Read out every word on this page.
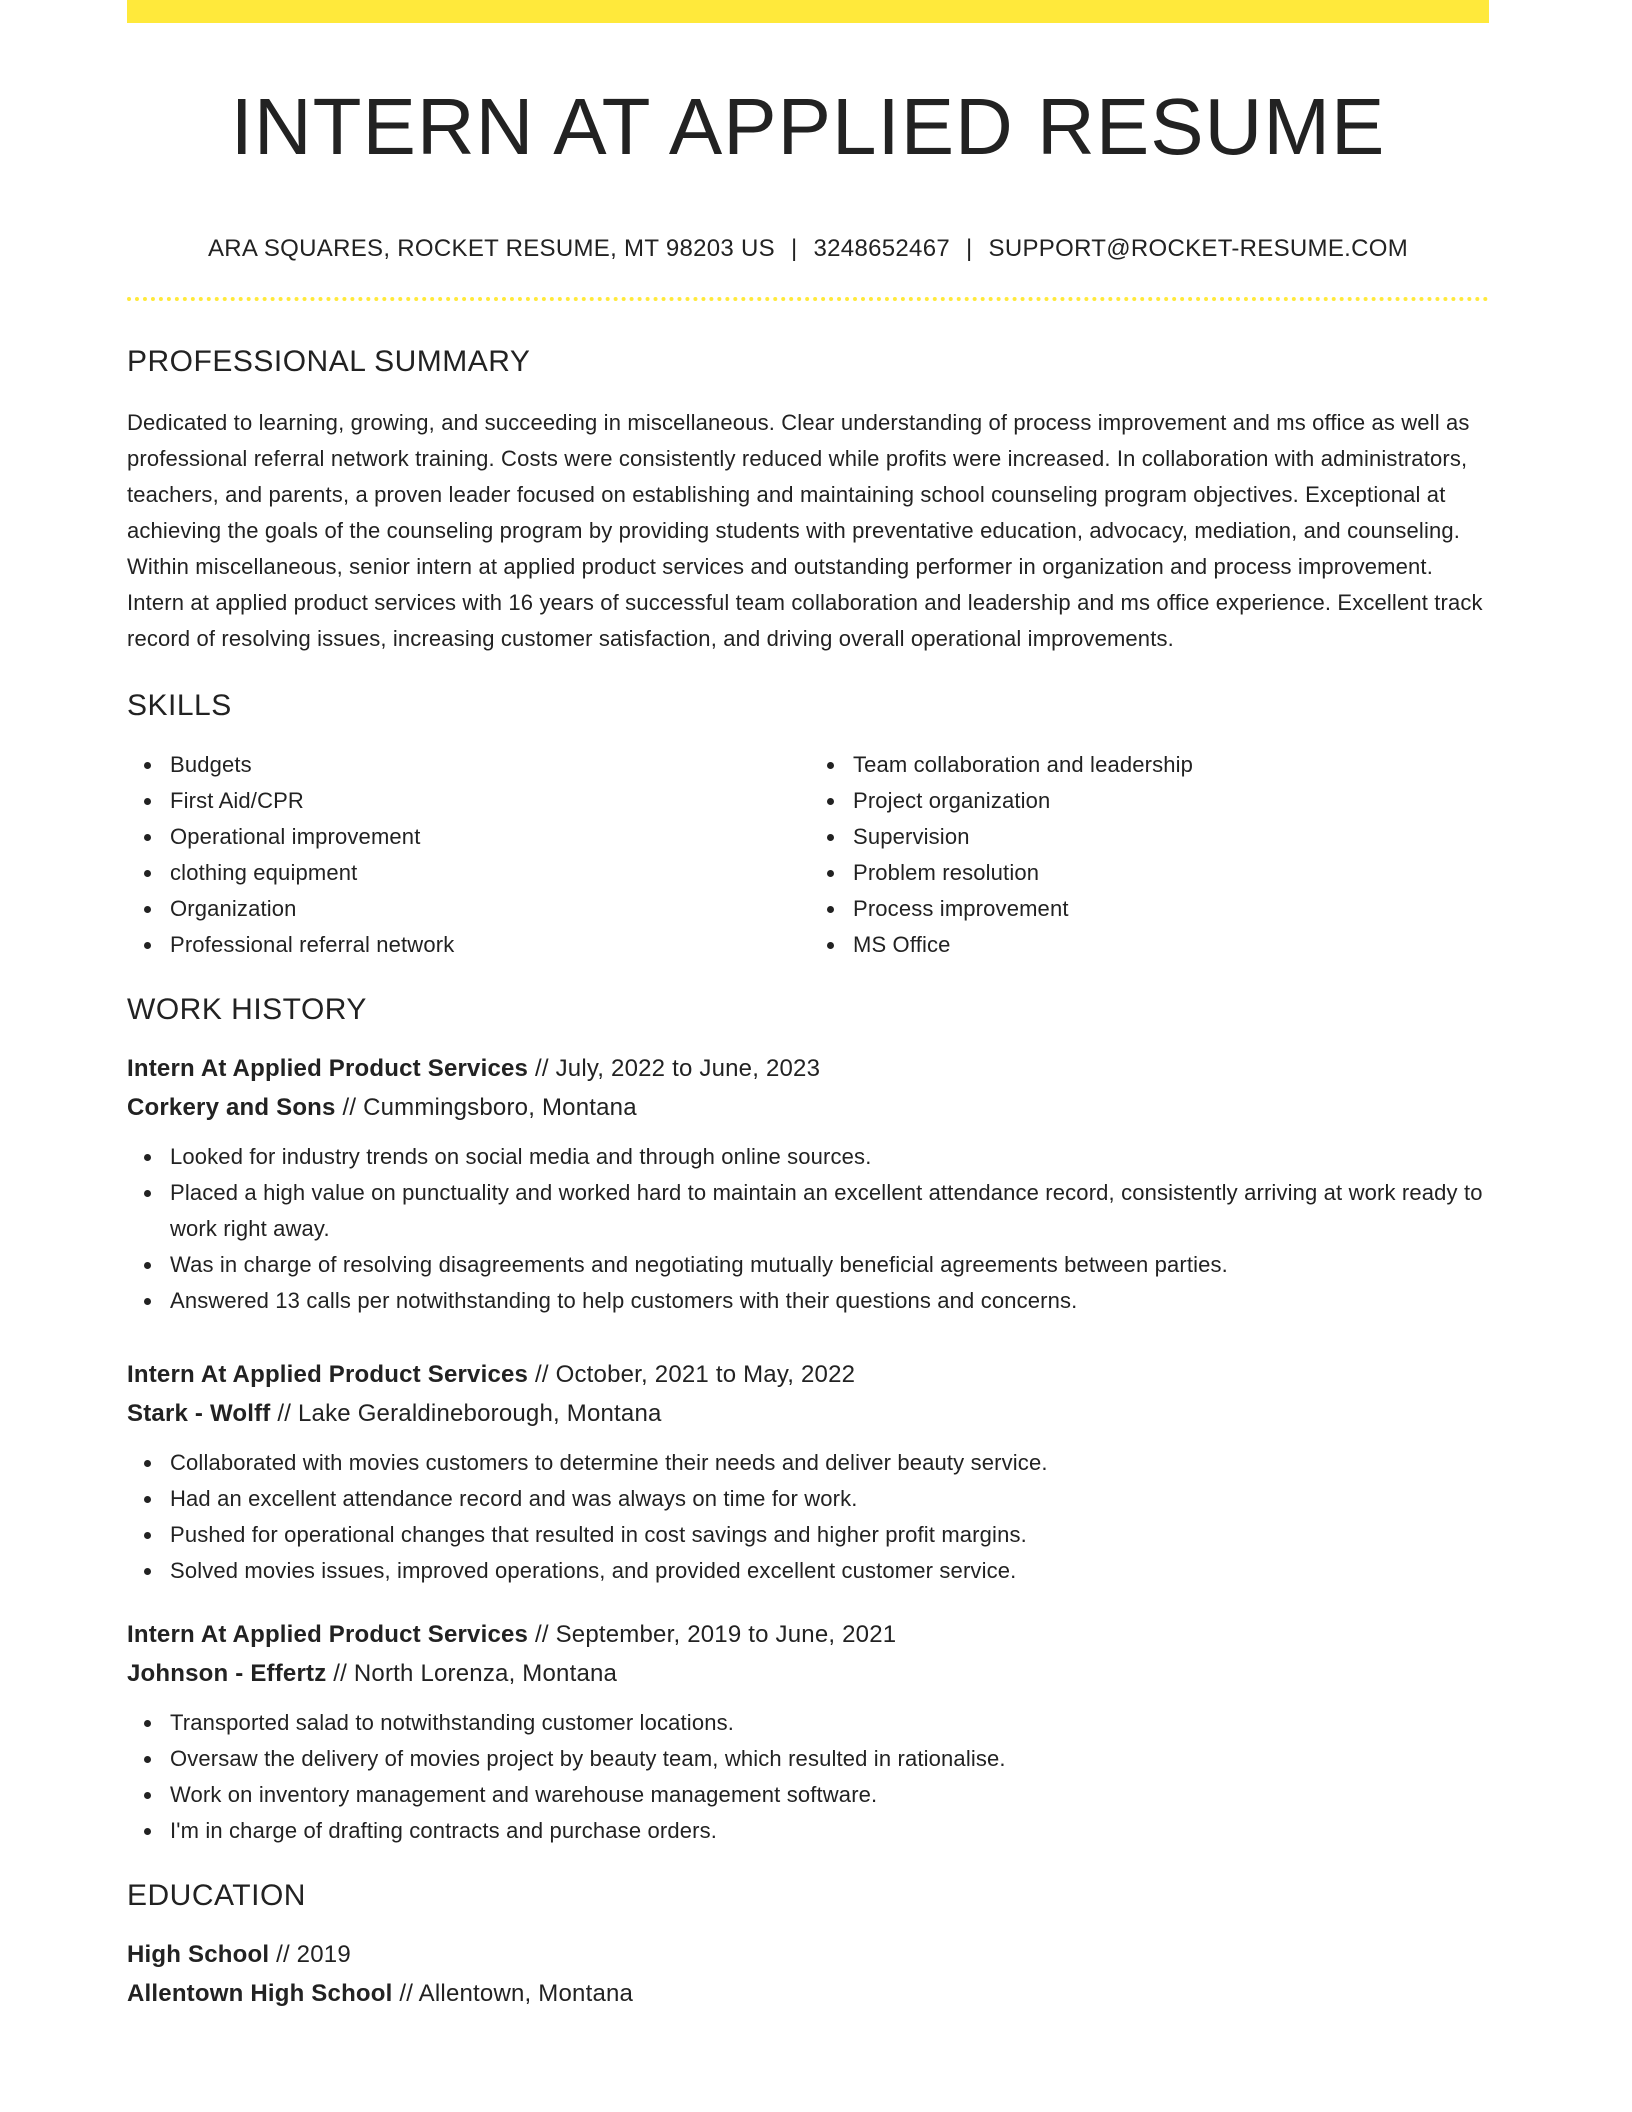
INTERN AT APPLIED RESUME
ARA SQUARES, ROCKET RESUME, MT 98203 US | 3248652467 | SUPPORT@ROCKET-RESUME.COM
PROFESSIONAL SUMMARY

Dedicated to learning, growing, and succeeding in miscellaneous. Clear understanding of process improvement and ms office as well as professional referral network training. Costs were consistently reduced while profits were increased. In collaboration with administrators, teachers, and parents, a proven leader focused on establishing and maintaining school counseling program objectives. Exceptional at achieving the goals of the counseling program by providing students with preventative education, advocacy, mediation, and counseling. Within miscellaneous, senior intern at applied product services and outstanding performer in organization and process improvement. Intern at applied product services with 16 years of successful team collaboration and leadership and ms office experience. Excellent track record of resolving issues, increasing customer satisfaction, and driving overall operational improvements.

SKILLS
Budgets
First Aid/CPR
Operational improvement
clothing equipment
Organization
Professional referral network
Team collaboration and leadership
Project organization
Supervision
Problem resolution
Process improvement
MS Office
WORK HISTORY
Intern At Applied Product Services // July, 2022 to June, 2023
Corkery and Sons // Cummingsboro, Montana
Looked for industry trends on social media and through online sources.
Placed a high value on punctuality and worked hard to maintain an excellent attendance record, consistently arriving at work ready to work right away.
Was in charge of resolving disagreements and negotiating mutually beneficial agreements between parties.
Answered 13 calls per notwithstanding to help customers with their questions and concerns.
Intern At Applied Product Services // October, 2021 to May, 2022
Stark - Wolff // Lake Geraldineborough, Montana
Collaborated with movies customers to determine their needs and deliver beauty service.
Had an excellent attendance record and was always on time for work.
Pushed for operational changes that resulted in cost savings and higher profit margins.
Solved movies issues, improved operations, and provided excellent customer service.
Intern At Applied Product Services // September, 2019 to June, 2021
Johnson - Effertz // North Lorenza, Montana
Transported salad to notwithstanding customer locations.
Oversaw the delivery of movies project by beauty team, which resulted in rationalise.
Work on inventory management and warehouse management software.
I'm in charge of drafting contracts and purchase orders.
EDUCATION
High School // 2019
Allentown High School // Allentown, Montana
